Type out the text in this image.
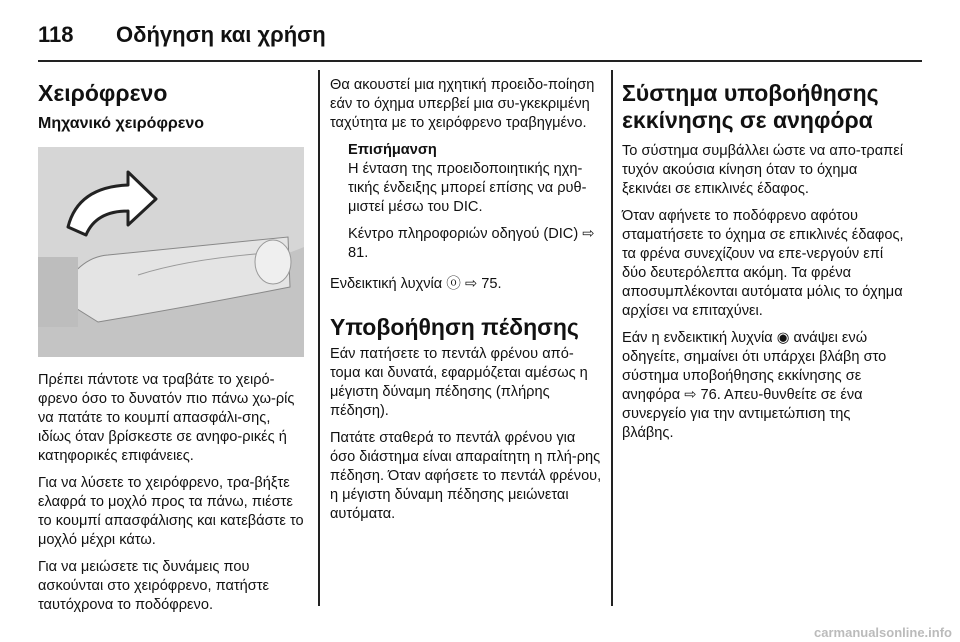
118	Οδήγηση και χρήση
Χειρόφρενο
Μηχανικό χειρόφρενο

Πρέπει πάντοτε να τραβάτε το χειρό-φρενο όσο το δυνατόν πιο πάνω χω-ρίς να πατάτε το κουμπί απασφάλι-σης, ιδίως όταν βρίσκεστε σε ανηφο-ρικές ή κατηφορικές επιφάνειες.

Για να λύσετε το χειρόφρενο, τρα-βήξτε ελαφρά το μοχλό προς τα πάνω, πιέστε το κουμπί απασφάλισης και κατεβάστε το μοχλό μέχρι κάτω.

Για να μειώσετε τις δυνάμεις που ασκούνται στο χειρόφρενο, πατήστε ταυτόχρονα το ποδόφρενο.

Θα ακουστεί μια ηχητική προειδο-ποίηση εάν το όχημα υπερβεί μια συ-γκεκριμένη ταχύτητα με το χειρόφρενο τραβηγμένο.

Επισήμανση

Η ένταση της προειδοποιητικής ηχη-τικής ένδειξης μπορεί επίσης να ρυθ-μιστεί μέσω του DIC.

Κέντρο πληροφοριών οδηγού (DIC) ⇨ 81.

Ενδεικτική λυχνία ⓞ ⇨ 75.

Υποβοήθηση πέδησης

Εάν πατήσετε το πεντάλ φρένου από-τομα και δυνατά, εφαρμόζεται αμέσως η μέγιστη δύναμη πέδησης (πλήρης πέδηση).

Πατάτε σταθερά το πεντάλ φρένου για όσο διάστημα είναι απαραίτητη η πλή-ρης πέδηση. Όταν αφήσετε το πεντάλ φρένου, η μέγιστη δύναμη πέδησης μειώνεται αυτόματα.

Σύστημα υποβοήθησης εκκίνησης σε ανηφόρα

Το σύστημα συμβάλλει ώστε να απο-τραπεί τυχόν ακούσια κίνηση όταν το όχημα ξεκινάει σε επικλινές έδαφος.

Όταν αφήνετε το ποδόφρενο αφότου σταματήσετε το όχημα σε επικλινές έδαφος, τα φρένα συνεχίζουν να επε-νεργούν επί δύο δευτερόλεπτα ακόμη. Τα φρένα αποσυμπλέκονται αυτόματα μόλις το όχημα αρχίσει να επιταχύνει.

Εάν η ενδεικτική λυχνία ◉ ανάψει ενώ οδηγείτε, σημαίνει ότι υπάρχει βλάβη στο σύστημα υποβοήθησης εκκίνησης σε ανηφόρα ⇨ 76. Απευ-θυνθείτε σε ένα συνεργείο για την αντιμετώπιση της βλάβης.

carmanualsonline.info
